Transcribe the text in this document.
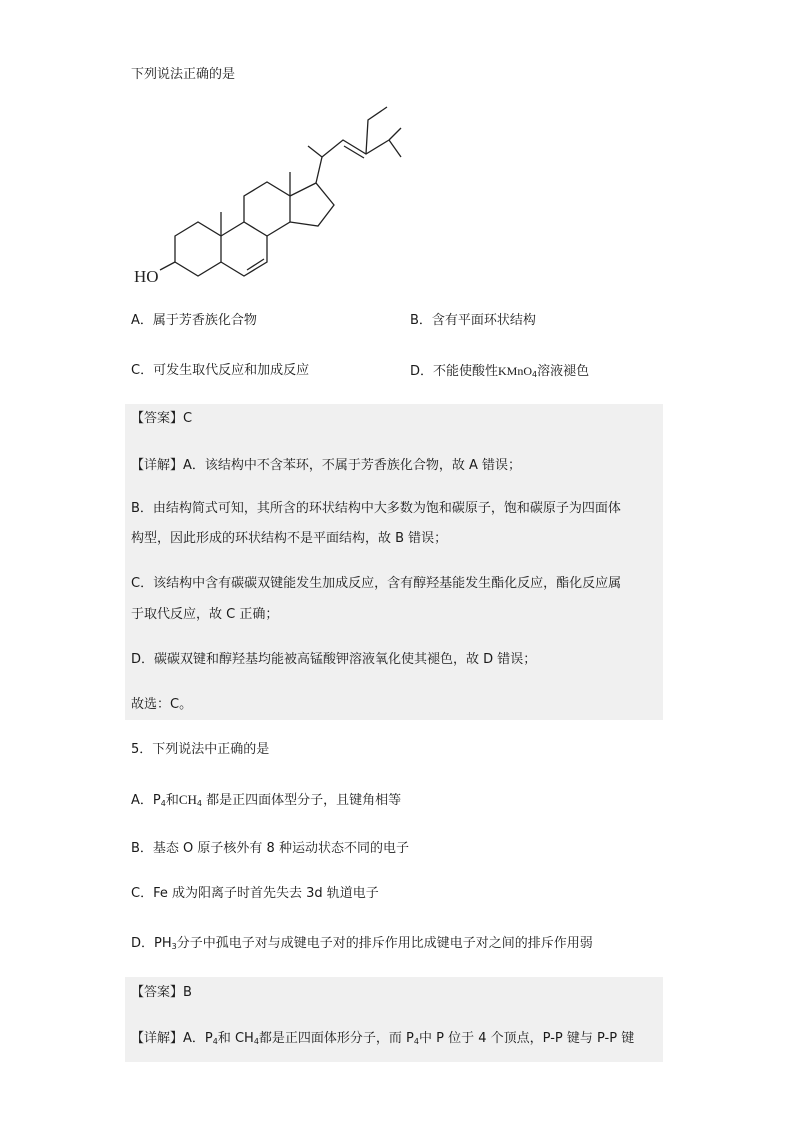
下列说法正确的是
HO
A．属于芳香族化合物	B．含有平面环状结构
C．可发生取代反应和加成反应	D．不能使酸性KMnO$_4$溶液褪色
【答案】C
【详解】A．该结构中不含苯环，不属于芳香族化合物，故 A 错误；
B．由结构简式可知，其所含的环状结构中大多数为饱和碳原子，饱和碳原子为四面体
构型，因此形成的环状结构不是平面结构，故 B 错误；
C．该结构中含有碳碳双键能发生加成反应，含有醇羟基能发生酯化反应，酯化反应属
于取代反应，故 C 正确；
D．碳碳双键和醇羟基均能被高锰酸钾溶液氧化使其褪色，故 D 错误；
故选：C。
5．下列说法中正确的是
A．$P_4$和$CH_4$ 都是正四面体型分子，且键角相等
B．基态 O 原子核外有 8 种运动状态不同的电子
C．Fe 成为阳离子时首先失去 3d 轨道电子
D．$PH_3$分子中孤电子对与成键电子对的排斥作用比成键电子对之间的排斥作用弱
【答案】B
【详解】A．$P_4$和 $CH_4$都是正四面体形分子，而 $P_4$中 P 位于 4 个顶点，P-P 键与 P-P 键
